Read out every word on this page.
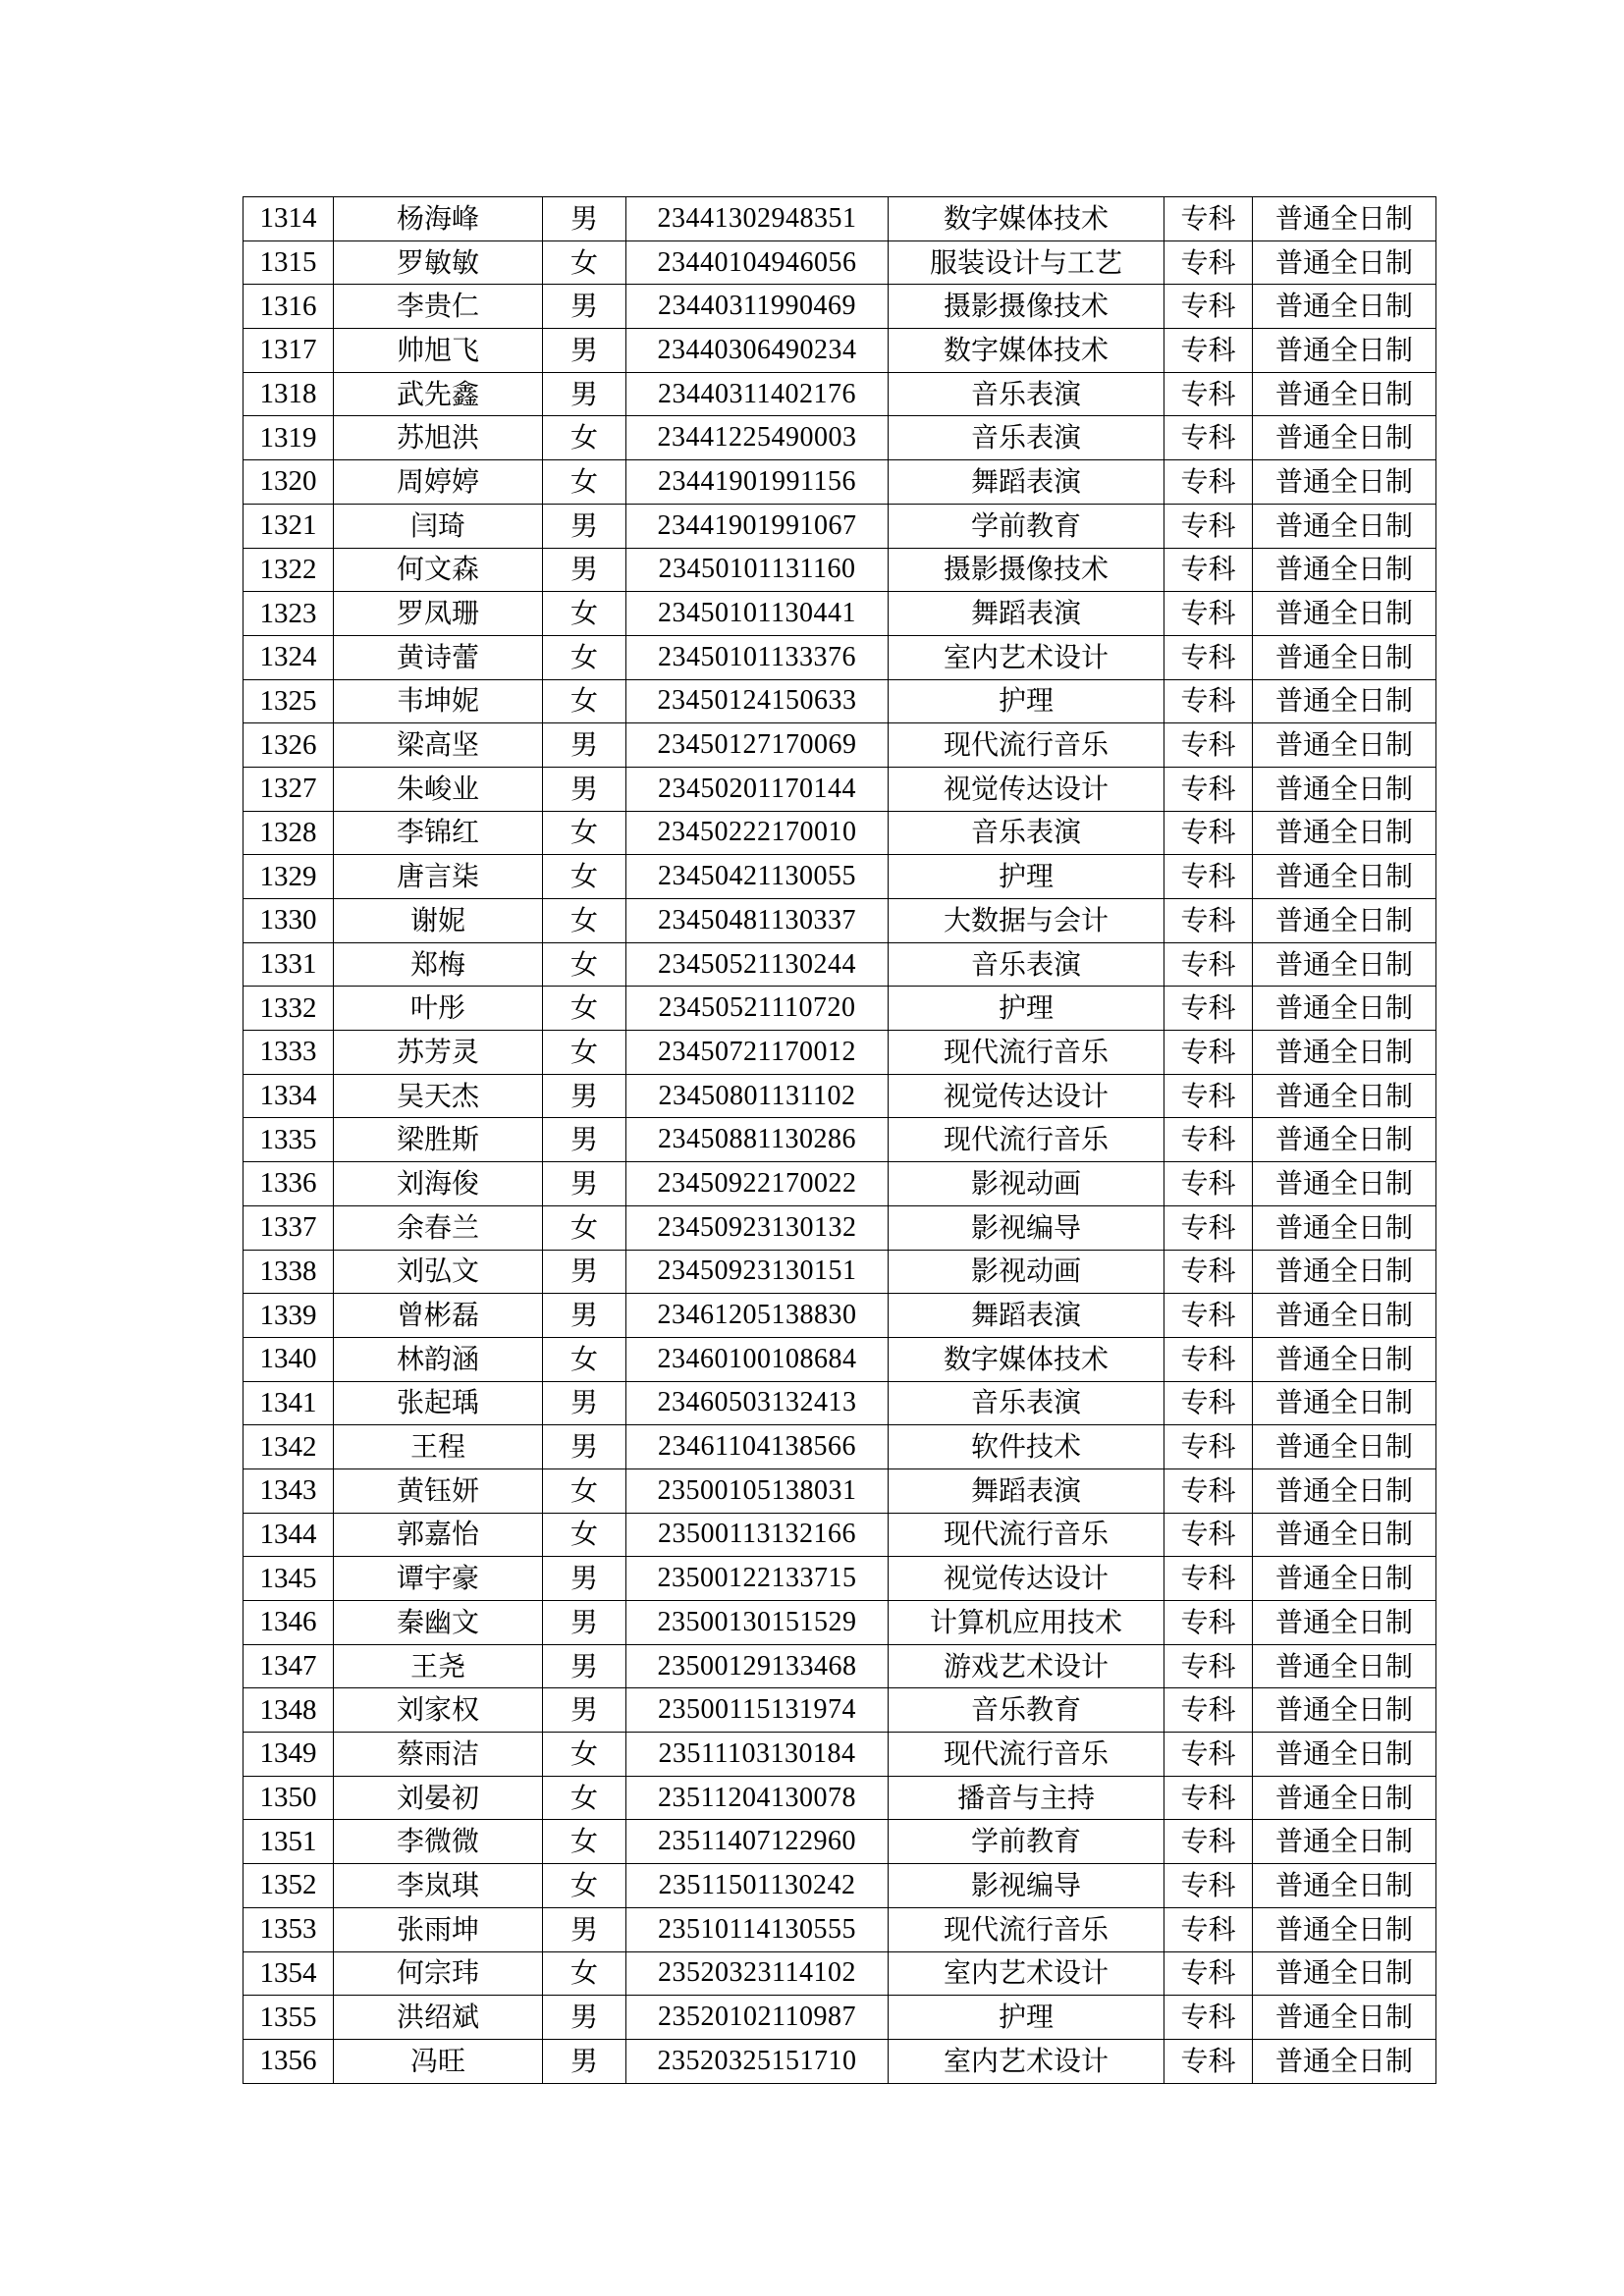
1314	杨海峰	男	23441302948351	数字媒体技术	专科	普通全日制
1315	罗敏敏	女	23440104946056	服装设计与工艺	专科	普通全日制
1316	李贵仁	男	23440311990469	摄影摄像技术	专科	普通全日制
1317	帅旭飞	男	23440306490234	数字媒体技术	专科	普通全日制
1318	武先鑫	男	23440311402176	音乐表演	专科	普通全日制
1319	苏旭洪	女	23441225490003	音乐表演	专科	普通全日制
1320	周婷婷	女	23441901991156	舞蹈表演	专科	普通全日制
1321	闫琦	男	23441901991067	学前教育	专科	普通全日制
1322	何文森	男	23450101131160	摄影摄像技术	专科	普通全日制
1323	罗凤珊	女	23450101130441	舞蹈表演	专科	普通全日制
1324	黄诗蕾	女	23450101133376	室内艺术设计	专科	普通全日制
1325	韦坤妮	女	23450124150633	护理	专科	普通全日制
1326	梁高坚	男	23450127170069	现代流行音乐	专科	普通全日制
1327	朱峻业	男	23450201170144	视觉传达设计	专科	普通全日制
1328	李锦红	女	23450222170010	音乐表演	专科	普通全日制
1329	唐言柒	女	23450421130055	护理	专科	普通全日制
1330	谢妮	女	23450481130337	大数据与会计	专科	普通全日制
1331	郑梅	女	23450521130244	音乐表演	专科	普通全日制
1332	叶彤	女	23450521110720	护理	专科	普通全日制
1333	苏芳灵	女	23450721170012	现代流行音乐	专科	普通全日制
1334	吴天杰	男	23450801131102	视觉传达设计	专科	普通全日制
1335	梁胜斯	男	23450881130286	现代流行音乐	专科	普通全日制
1336	刘海俊	男	23450922170022	影视动画	专科	普通全日制
1337	余春兰	女	23450923130132	影视编导	专科	普通全日制
1338	刘弘文	男	23450923130151	影视动画	专科	普通全日制
1339	曾彬磊	男	23461205138830	舞蹈表演	专科	普通全日制
1340	林韵涵	女	23460100108684	数字媒体技术	专科	普通全日制
1341	张起瑀	男	23460503132413	音乐表演	专科	普通全日制
1342	王程	男	23461104138566	软件技术	专科	普通全日制
1343	黄钰妍	女	23500105138031	舞蹈表演	专科	普通全日制
1344	郭嘉怡	女	23500113132166	现代流行音乐	专科	普通全日制
1345	谭宇豪	男	23500122133715	视觉传达设计	专科	普通全日制
1346	秦幽文	男	23500130151529	计算机应用技术	专科	普通全日制
1347	王尧	男	23500129133468	游戏艺术设计	专科	普通全日制
1348	刘家权	男	23500115131974	音乐教育	专科	普通全日制
1349	蔡雨洁	女	23511103130184	现代流行音乐	专科	普通全日制
1350	刘晏初	女	23511204130078	播音与主持	专科	普通全日制
1351	李微微	女	23511407122960	学前教育	专科	普通全日制
1352	李岚琪	女	23511501130242	影视编导	专科	普通全日制
1353	张雨坤	男	23510114130555	现代流行音乐	专科	普通全日制
1354	何宗玮	女	23520323114102	室内艺术设计	专科	普通全日制
1355	洪绍斌	男	23520102110987	护理	专科	普通全日制
1356	冯旺	男	23520325151710	室内艺术设计	专科	普通全日制
